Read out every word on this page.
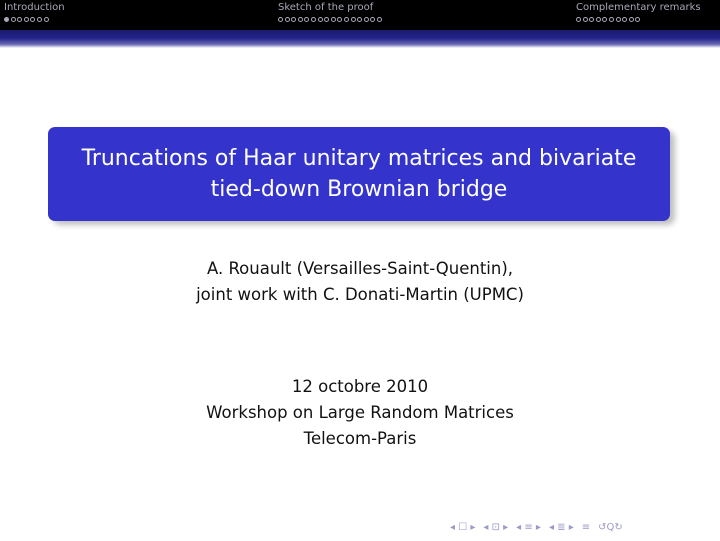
Introduction	Sketch of the proof	Complementary remarks
Truncations of Haar unitary matrices and bivariate
tied-down Brownian bridge
A. Rouault (Versailles-Saint-Quentin),
joint work with C. Donati-Martin (UPMC)
12 octobre 2010
Workshop on Large Random Matrices
Telecom-Paris
◂ ☐ ▸ ◂ ⊡ ▸ ◂ ≡ ▸ ◂ ≣ ▸ ≡ ↺Q↻
